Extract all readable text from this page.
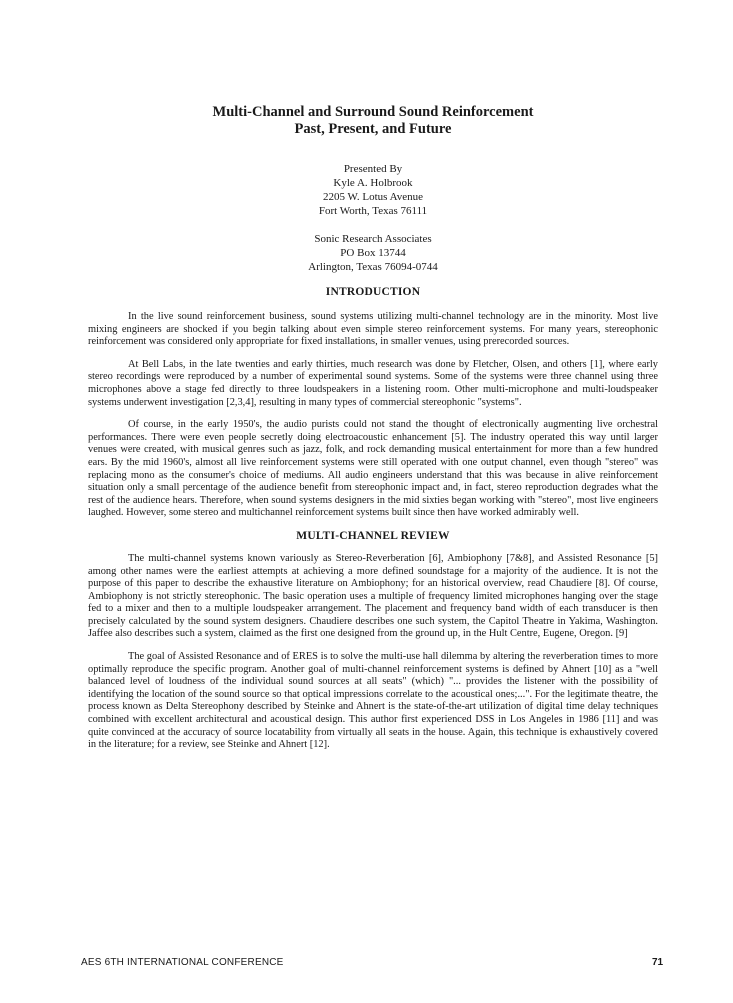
Multi-Channel and Surround Sound Reinforcement
Past, Present, and Future
Presented By
Kyle A. Holbrook
2205 W. Lotus Avenue
Fort Worth, Texas 76111
Sonic Research Associates
PO Box 13744
Arlington, Texas 76094-0744
INTRODUCTION

In the live sound reinforcement business, sound systems utilizing multi-channel technology are in the minority. Most live mixing engineers are shocked if you begin talking about even simple stereo reinforcement systems. For many years, stereophonic reinforcement was considered only appropriate for fixed installations, in smaller venues, using prerecorded sources.

At Bell Labs, in the late twenties and early thirties, much research was done by Fletcher, Olsen, and others [1], where early stereo recordings were reproduced by a number of experimental sound systems. Some of the systems were three channel using three microphones above a stage fed directly to three loudspeakers in a listening room. Other multi-microphone and multi-loudspeaker systems underwent investigation [2,3,4], resulting in many types of commercial stereophonic "systems".

Of course, in the early 1950's, the audio purists could not stand the thought of electronically augmenting live orchestral performances. There were even people secretly doing electroacoustic enhancement [5]. The industry operated this way until larger venues were created, with musical genres such as jazz, folk, and rock demanding musical entertainment for more than a few hundred ears. By the mid 1960's, almost all live reinforcement systems were still operated with one output channel, even though "stereo" was replacing mono as the consumer's choice of mediums. All audio engineers understand that this was because in alive reinforcement situation only a small percentage of the audience benefit from stereophonic impact and, in fact, stereo reproduction degrades what the rest of the audience hears. Therefore, when sound systems designers in the mid sixties began working with "stereo", most live engineers laughed. However, some stereo and multichannel reinforcement systems built since then have worked admirably well.

MULTI-CHANNEL REVIEW

The multi-channel systems known variously as Stereo-Reverberation [6], Ambiophony [7&8], and Assisted Resonance [5] among other names were the earliest attempts at achieving a more defined soundstage for a majority of the audience. It is not the purpose of this paper to describe the exhaustive literature on Ambiophony; for an historical overview, read Chaudiere [8]. Of course, Ambiophony is not strictly stereophonic. The basic operation uses a multiple of frequency limited microphones hanging over the stage fed to a mixer and then to a multiple loudspeaker arrangement. The placement and frequency band width of each transducer is then precisely calculated by the sound system designers. Chaudiere describes one such system, the Capitol Theatre in Yakima, Washington. Jaffee also describes such a system, claimed as the first one designed from the ground up, in the Hult Centre, Eugene, Oregon. [9]

The goal of Assisted Resonance and of ERES is to solve the multi-use hall dilemma by altering the reverberation times to more optimally reproduce the specific program. Another goal of multi-channel reinforcement systems is defined by Ahnert [10] as a "well balanced level of loudness of the individual sound sources at all seats" (which) "... provides the listener with the possibility of identifying the location of the sound source so that optical impressions correlate to the acoustical ones;...". For the legitimate theatre, the process known as Delta Stereophony described by Steinke and Ahnert is the state-of-the-art utilization of digital time delay techniques combined with excellent architectural and acoustical design. This author first experienced DSS in Los Angeles in 1986 [11] and was quite convinced at the accuracy of source locatability from virtually all seats in the house. Again, this technique is exhaustively covered in the literature; for a review, see Steinke and Ahnert [12].

AES 6TH INTERNATIONAL CONFERENCE	71
